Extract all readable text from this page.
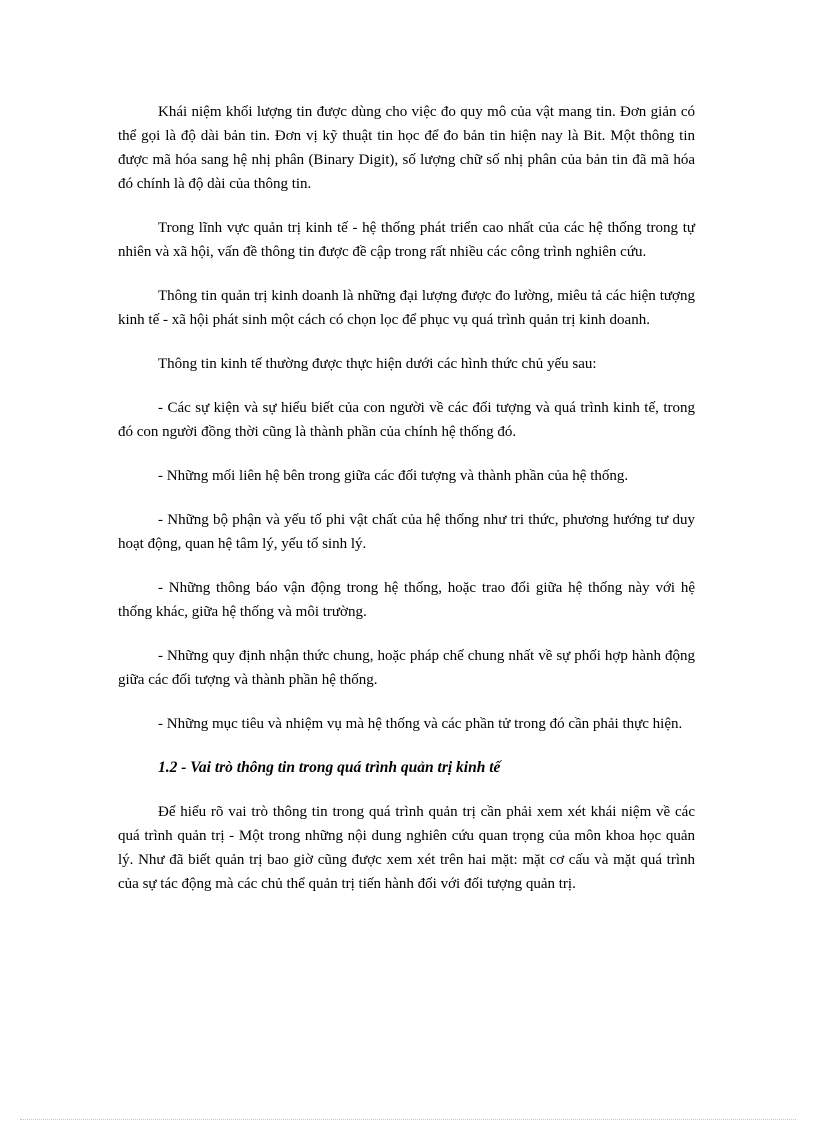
Khái niệm khối lượng tin được dùng cho việc đo quy mô của vật mang tin. Đơn giản có thể gọi là độ dài bản tin. Đơn vị kỹ thuật tin học để đo bản tin hiện nay là Bit. Một thông tin được mã hóa sang hệ nhị phân (Binary Digit), số lượng chữ số nhị phân của bản tin đã mã hóa đó chính là độ dài của thông tin.

Trong lĩnh vực quản trị kinh tế - hệ thống phát triển cao nhất của các hệ thống trong tự nhiên và xã hội, vấn đề thông tin được đề cập trong rất nhiều các công trình nghiên cứu.

Thông tin quản trị kinh doanh là những đại lượng được đo lường, miêu tả các hiện tượng kinh tế - xã hội phát sinh một cách có chọn lọc để phục vụ quá trình quản trị kinh doanh.

Thông tin kinh tế thường được thực hiện dưới các hình thức chủ yếu sau:

- Các sự kiện và sự hiểu biết của con người về các đối tượng và quá trình kinh tế, trong đó con người đồng thời cũng là thành phần của chính hệ thống đó.

- Những mối liên hệ bên trong giữa các đối tượng và thành phần của hệ thống.

- Những bộ phận và yếu tố phi vật chất của hệ thống như tri thức, phương hướng tư duy hoạt động, quan hệ tâm lý, yếu tố sinh lý.

- Những thông báo vận động trong hệ thống, hoặc trao đổi giữa hệ thống này với hệ thống khác, giữa hệ thống và môi trường.

- Những quy định nhận thức chung, hoặc pháp chế chung nhất về sự phối hợp hành động giữa các đối tượng và thành phần hệ thống.

- Những mục tiêu và nhiệm vụ mà hệ thống và các phần tử trong đó cần phải thực hiện.

1.2 - Vai trò thông tin trong quá trình quản trị kinh tế

Để hiểu rõ vai trò thông tin trong quá trình quản trị cần phải xem xét khái niệm về các quá trình quản trị - Một trong những nội dung nghiên cứu quan trọng của môn khoa học quản lý. Như đã biết quản trị bao giờ cũng được xem xét trên hai mặt: mặt cơ cấu và mặt quá trình của sự tác động mà các chủ thể quản trị tiến hành đối với đối tượng quản trị.
